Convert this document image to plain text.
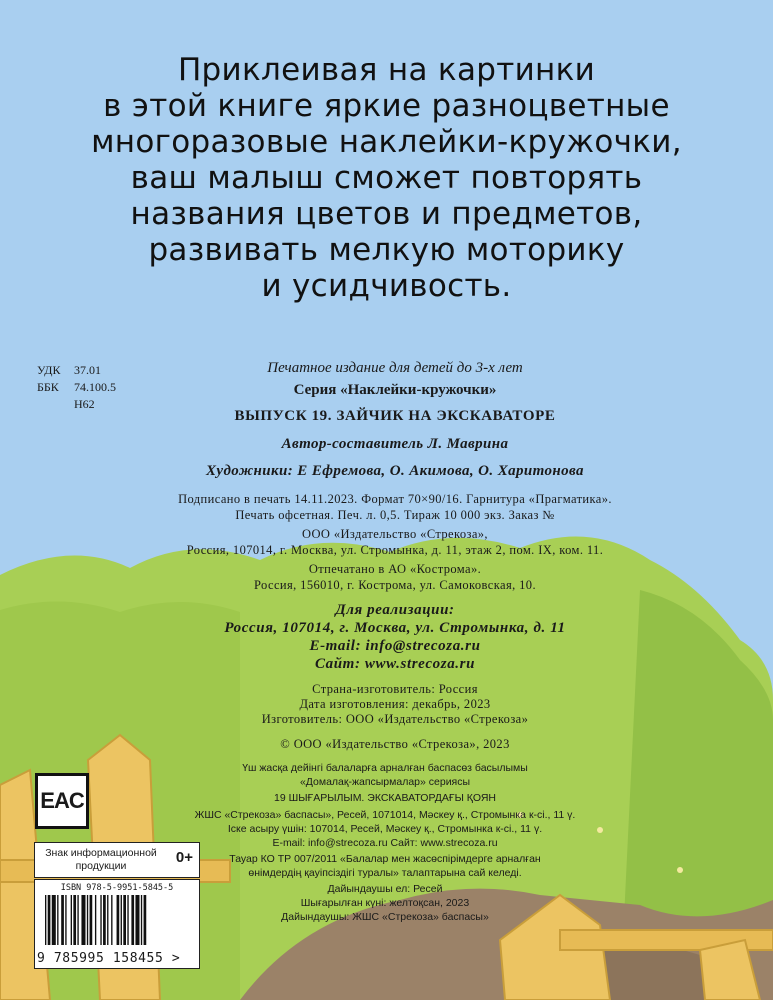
Приклеивая на картинки
в этой книге яркие разноцветные
многоразовые наклейки-кружочки,
ваш малыш сможет повторять
названия цветов и предметов,
развивать мелкую моторику
и усидчивость.
УДК	37.01
ББК	74.100.5
Н62
Печатное издание для детей до 3-х лет
Серия «Наклейки-кружочки»
ВЫПУСК 19. ЗАЙЧИК НА ЭКСКАВАТОРЕ
Автор-составитель Л. Маврина
Художники: Е Ефремова, О. Акимова, О. Харитонова
Подписано в печать 14.11.2023. Формат 70×90/16. Гарнитура «Прагматика».
Печать офсетная. Печ. л. 0,5. Тираж 10 000 экз. Заказ №
ООО «Издательство «Стрекоза»,
Россия, 107014, г. Москва, ул. Стромынка, д. 11, этаж 2, пом. IX, ком. 11.
Отпечатано в АО «Кострома».
Россия, 156010, г. Кострома, ул. Самоковская, 10.
Для реализации:
Россия, 107014, г. Москва, ул. Стромынка, д. 11
E-mail: info@strecoza.ru
Сайт: www.strecoza.ru
Страна-изготовитель: Россия
Дата изготовления: декабрь, 2023
Изготовитель: ООО «Издательство «Стрекоза»
© ООО «Издательство «Стрекоза», 2023
Үш жасқа дейінгі балаларға арналған баспасөз басылымы
«Домалақ-жапсырмалар» сериясы
19 ШЫҒАРЫЛЫМ. ЭКСКАВАТОРДАҒЫ ҚОЯН
ЖШС «Стрекоза» баспасы», Ресей, 1071014, Мәскеу қ., Стромынка к-сі., 11 ү.
Іске асыру үшін: 107014, Ресей, Мәскеу қ., Стромынка к-сі., 11 ү.
E-mail: info@strecoza.ru Сайт: www.strecoza.ru
Тауар КО ТР 007/2011 «Балалар мен жасөспірімдерге арналған
өнімдердің қауіпсіздігі туралы» талаптарына сай келеді.
Дайындаушы ел: Ресей
Шығарылған күні: желтоқсан, 2023
Дайындаушы: ЖШС «Стрекоза» баспасы»
EAC
Знак информационной продукции	0+
ISBN 978-5-9951-5845-5
9 785995 158455 >
